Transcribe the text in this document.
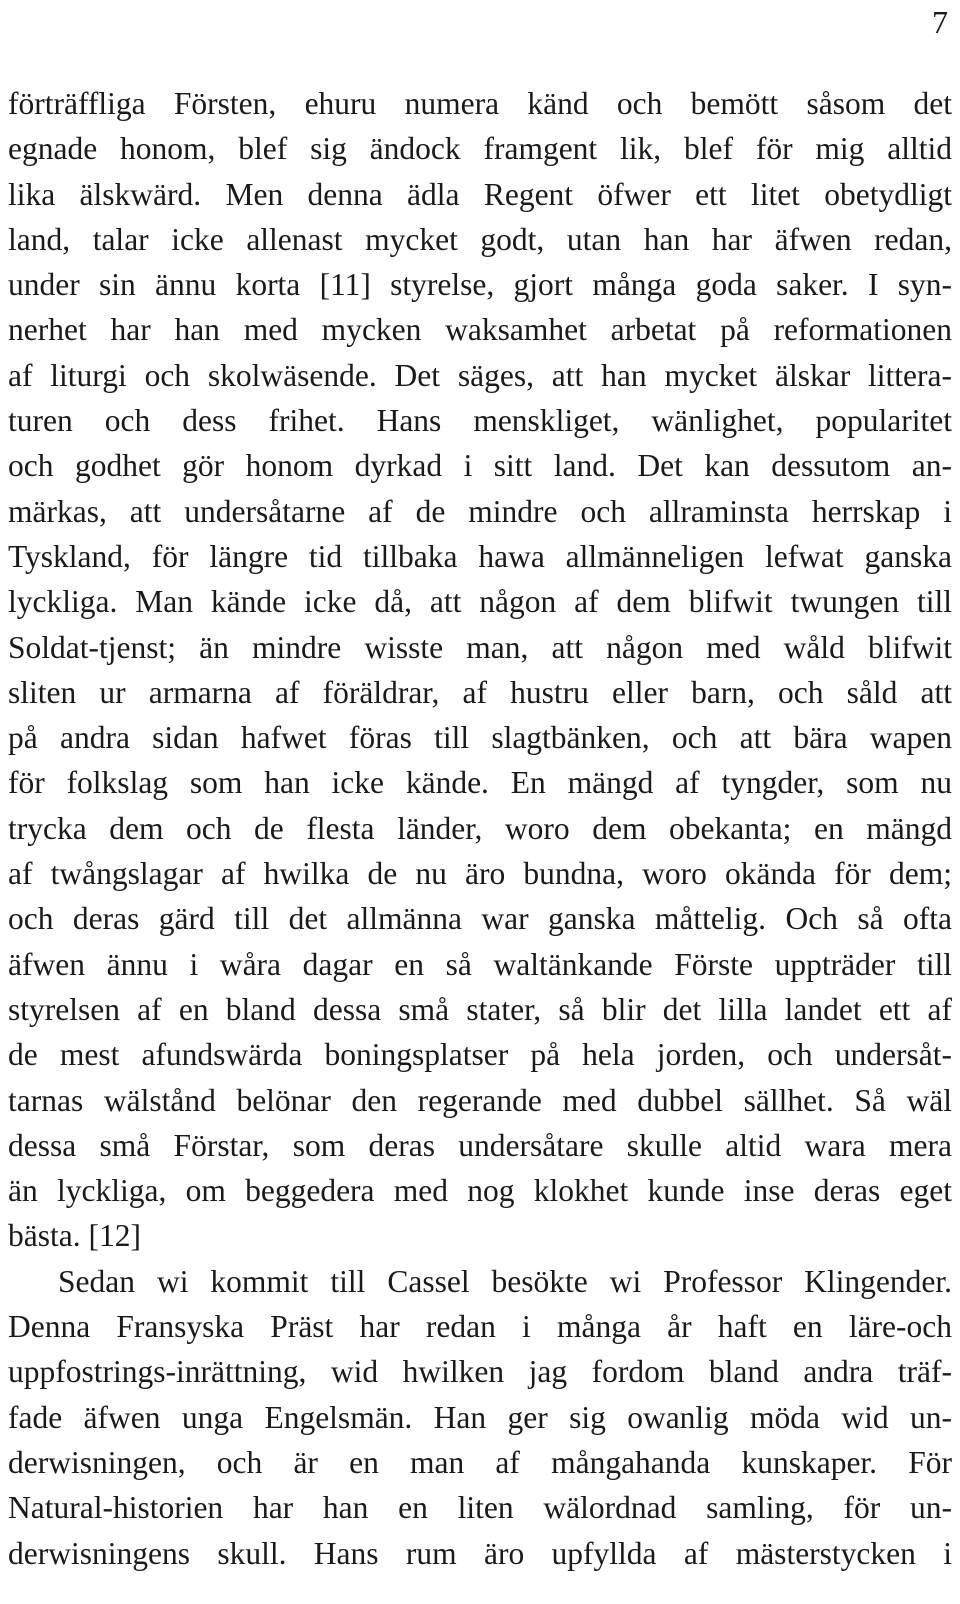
7
förträffliga Försten, ehuru numera känd och bemött såsom det
egnade honom, blef sig ändock framgent lik, blef för mig alltid
lika älskwärd. Men denna ädla Regent öfwer ett litet obetydligt
land, talar icke allenast mycket godt, utan han har äfwen redan,
under sin ännu korta [11] styrelse, gjort många goda saker. I syn-
nerhet har han med mycken waksamhet arbetat på reformationen
af liturgi och skolwäsende. Det säges, att han mycket älskar littera-
turen och dess frihet. Hans menskliget, wänlighet, popularitet
och godhet gör honom dyrkad i sitt land. Det kan dessutom an-
märkas, att undersåtarne af de mindre och allraminsta herrskap i
Tyskland, för längre tid tillbaka hawa allmänneligen lefwat ganska
lyckliga. Man kände icke då, att någon af dem blifwit twungen till
Soldat-tjenst; än mindre wisste man, att någon med wåld blifwit
sliten ur armarna af föräldrar, af hustru eller barn, och såld att
på andra sidan hafwet föras till slagtbänken, och att bära wapen
för folkslag som han icke kände. En mängd af tyngder, som nu
trycka dem och de flesta länder, woro dem obekanta; en mängd
af twångslagar af hwilka de nu äro bundna, woro okända för dem;
och deras gärd till det allmänna war ganska måttelig. Och så ofta
äfwen ännu i wåra dagar en så waltänkande Förste uppträder till
styrelsen af en bland dessa små stater, så blir det lilla landet ett af
de mest afundswärda boningsplatser på hela jorden, och undersåt-
tarnas wälstånd belönar den regerande med dubbel sällhet. Så wäl
dessa små Förstar, som deras undersåtare skulle altid wara mera
än lyckliga, om beggedera med nog klokhet kunde inse deras eget
bästa. [12]
Sedan wi kommit till Cassel besökte wi Professor Klingender.
Denna Fransyska Präst har redan i många år haft en läre-och
uppfostrings-inrättning, wid hwilken jag fordom bland andra träf-
fade äfwen unga Engelsmän. Han ger sig owanlig möda wid un-
derwisningen, och är en man af mångahanda kunskaper. För
Natural-historien har han en liten wälordnad samling, för un-
derwisningens skull. Hans rum äro upfyllda af mästerstycken i
